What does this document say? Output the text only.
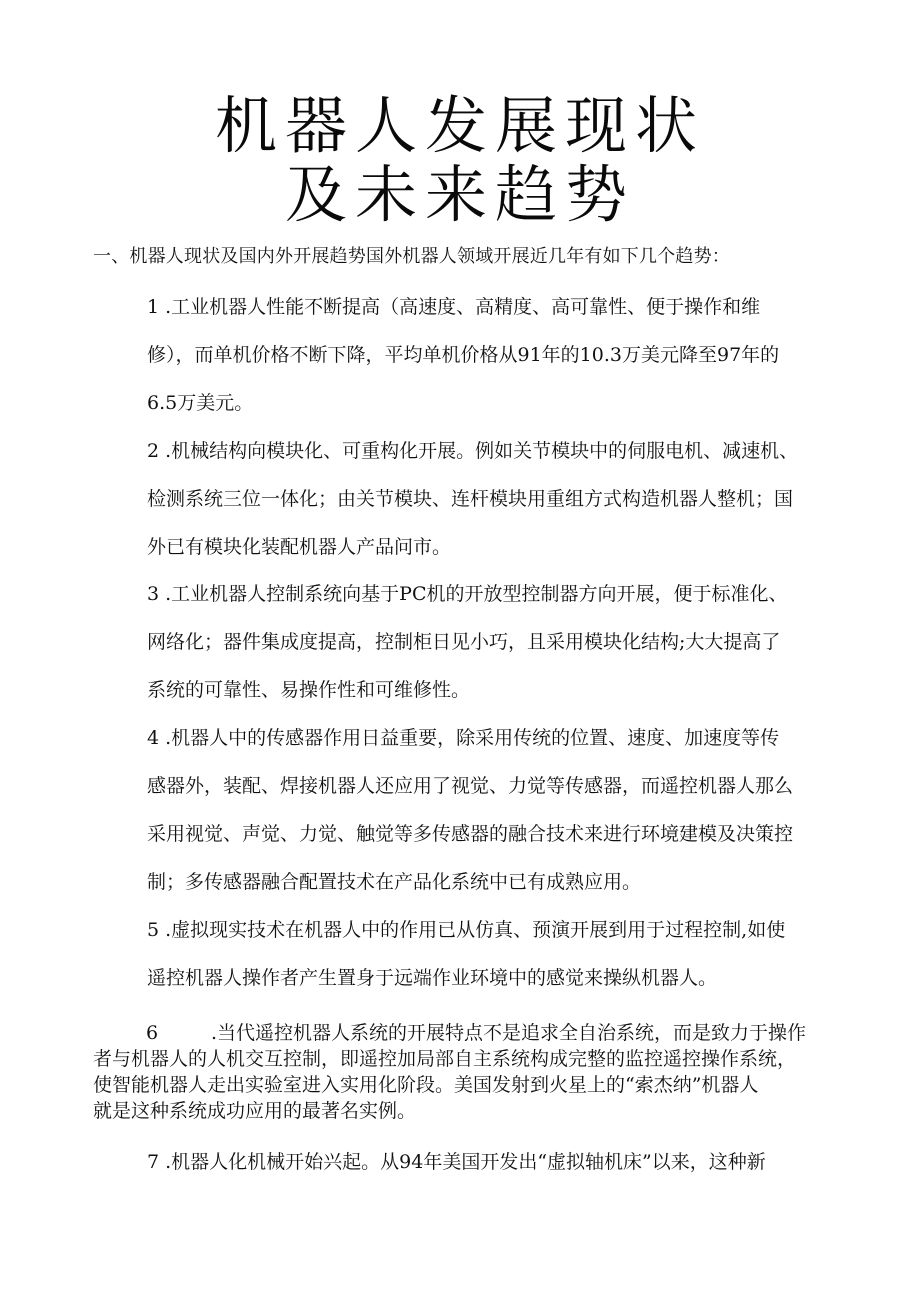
机器人发展现状
及未来趋势
一、机器人现状及国内外开展趋势国外机器人领域开展近几年有如下几个趋势：
1 .工业机器人性能不断提高（高速度、高精度、高可靠性、便于操作和维
修），而单机价格不断下降，平均单机价格从91年的10.3万美元降至97年的
6.5万美元。
2 .机械结构向模块化、可重构化开展。例如关节模块中的伺服电机、减速机、
检测系统三位一体化；由关节模块、连杆模块用重组方式构造机器人整机；国
外已有模块化装配机器人产品问市。
3 .工业机器人控制系统向基于PC机的开放型控制器方向开展，便于标准化、
网络化；器件集成度提高，控制柜日见小巧，且采用模块化结构;大大提高了
系统的可靠性、易操作性和可维修性。
4 .机器人中的传感器作用日益重要，除采用传统的位置、速度、加速度等传
感器外，装配、焊接机器人还应用了视觉、力觉等传感器，而遥控机器人那么
采用视觉、声觉、力觉、触觉等多传感器的融合技术来进行环境建模及决策控
制；多传感器融合配置技术在产品化系统中已有成熟应用。
5 .虚拟现实技术在机器人中的作用已从仿真、预演开展到用于过程控制,如使
遥控机器人操作者产生置身于远端作业环境中的感觉来操纵机器人。
6	.当代遥控机器人系统的开展特点不是追求全自治系统，而是致力于操作
者与机器人的人机交互控制，即遥控加局部自主系统构成完整的监控遥控操作系统，
使智能机器人走出实验室进入实用化阶段。美国发射到火星上的“索杰纳”机器人
就是这种系统成功应用的最著名实例。
7 .机器人化机械开始兴起。从94年美国开发出“虚拟轴机床”以来，这种新
